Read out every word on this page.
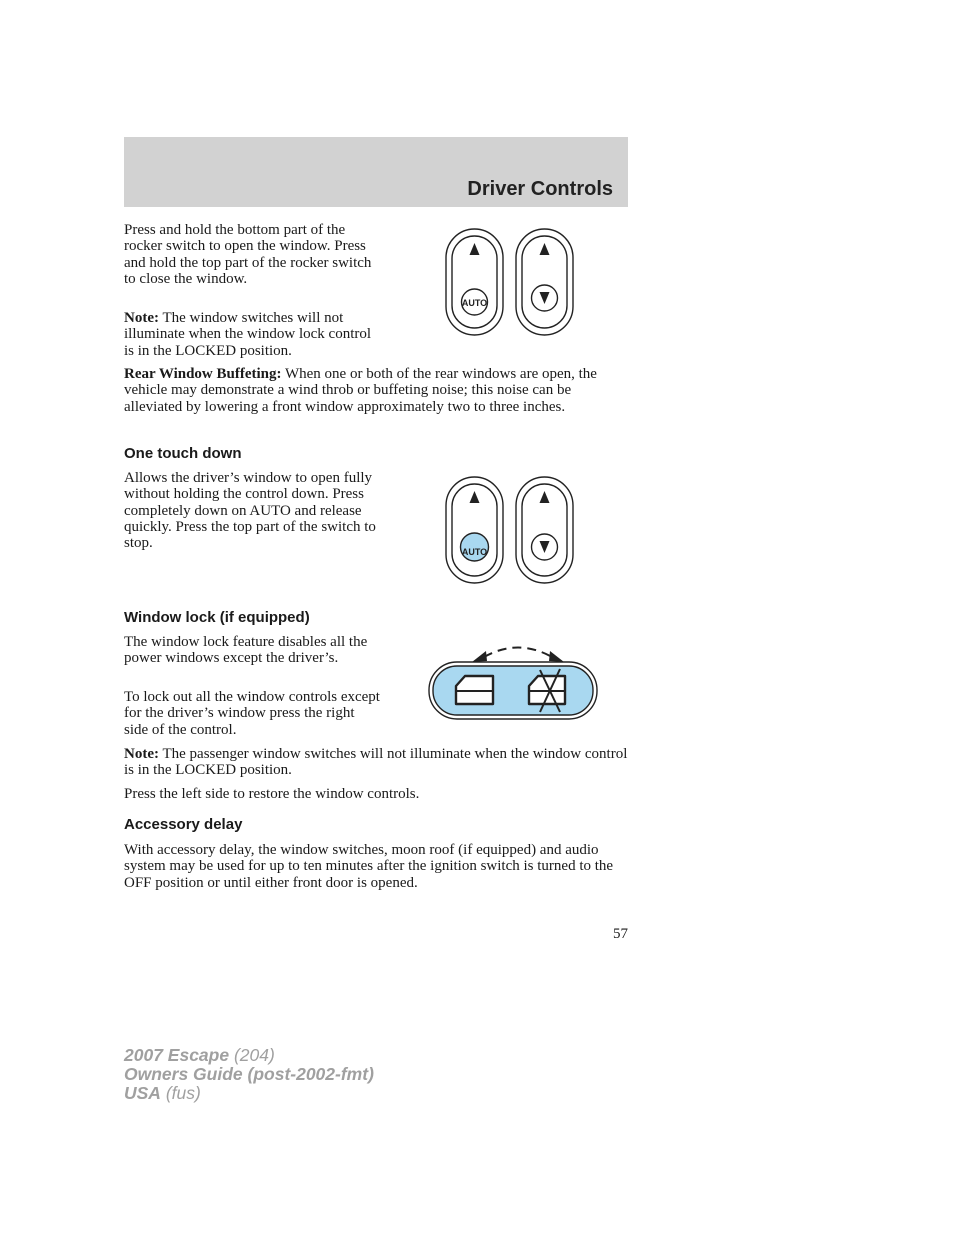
Driver Controls

Press and hold the bottom part of the rocker switch to open the window. Press and hold the top part of the rocker switch to close the window.

Note: The window switches will not illuminate when the window lock control is in the LOCKED position.

AUTO

Rear Window Buffeting: When one or both of the rear windows are open, the vehicle may demonstrate a wind throb or buffeting noise; this noise can be alleviated by lowering a front window approximately two to three inches.

One touch down

Allows the driver’s window to open fully without holding the control down. Press completely down on AUTO and release quickly. Press the top part of the switch to stop.

AUTO
Window lock (if equipped)

The window lock feature disables all the power windows except the driver’s.

To lock out all the window controls except for the driver’s window press the right side of the control.

Note: The passenger window switches will not illuminate when the window control is in the LOCKED position.

Press the left side to restore the window controls.

Accessory delay

With accessory delay, the window switches, moon roof (if equipped) and audio system may be used for up to ten minutes after the ignition switch is turned to the OFF position or until either front door is opened.

57
2007 Escape (204)
Owners Guide (post-2002-fmt)
USA (fus)
